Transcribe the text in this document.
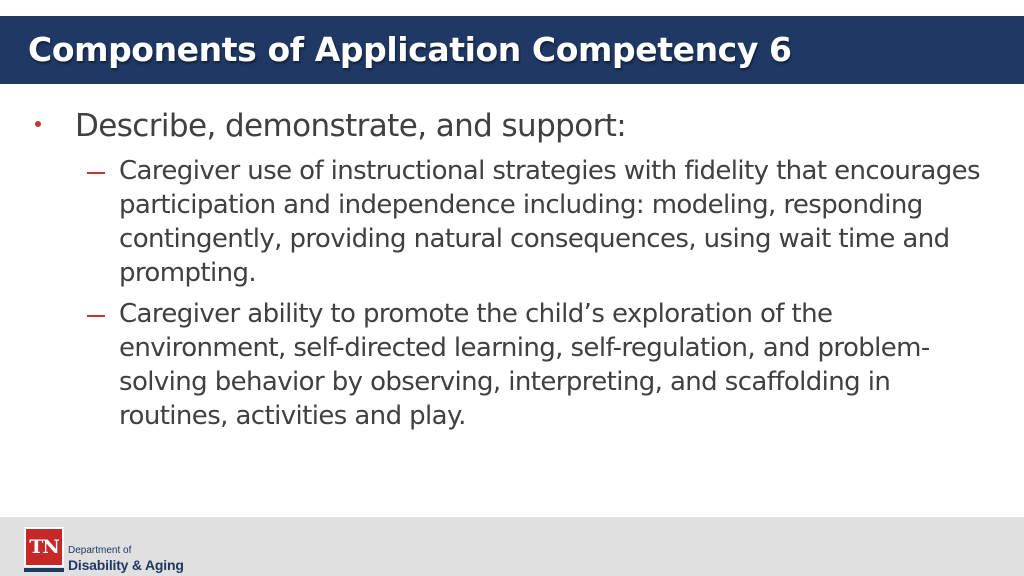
Components of Application Competency 6
Describe, demonstrate, and support:
Caregiver use of instructional strategies with fidelity that encourages participation and independence including: modeling, responding contingently, providing natural consequences, using wait time and prompting.
Caregiver ability to promote the child’s exploration of the environment, self-directed learning, self-regulation, and problem-solving behavior by observing, interpreting, and scaffolding in routines, activities and play.
TN Department of
Disability & Aging
